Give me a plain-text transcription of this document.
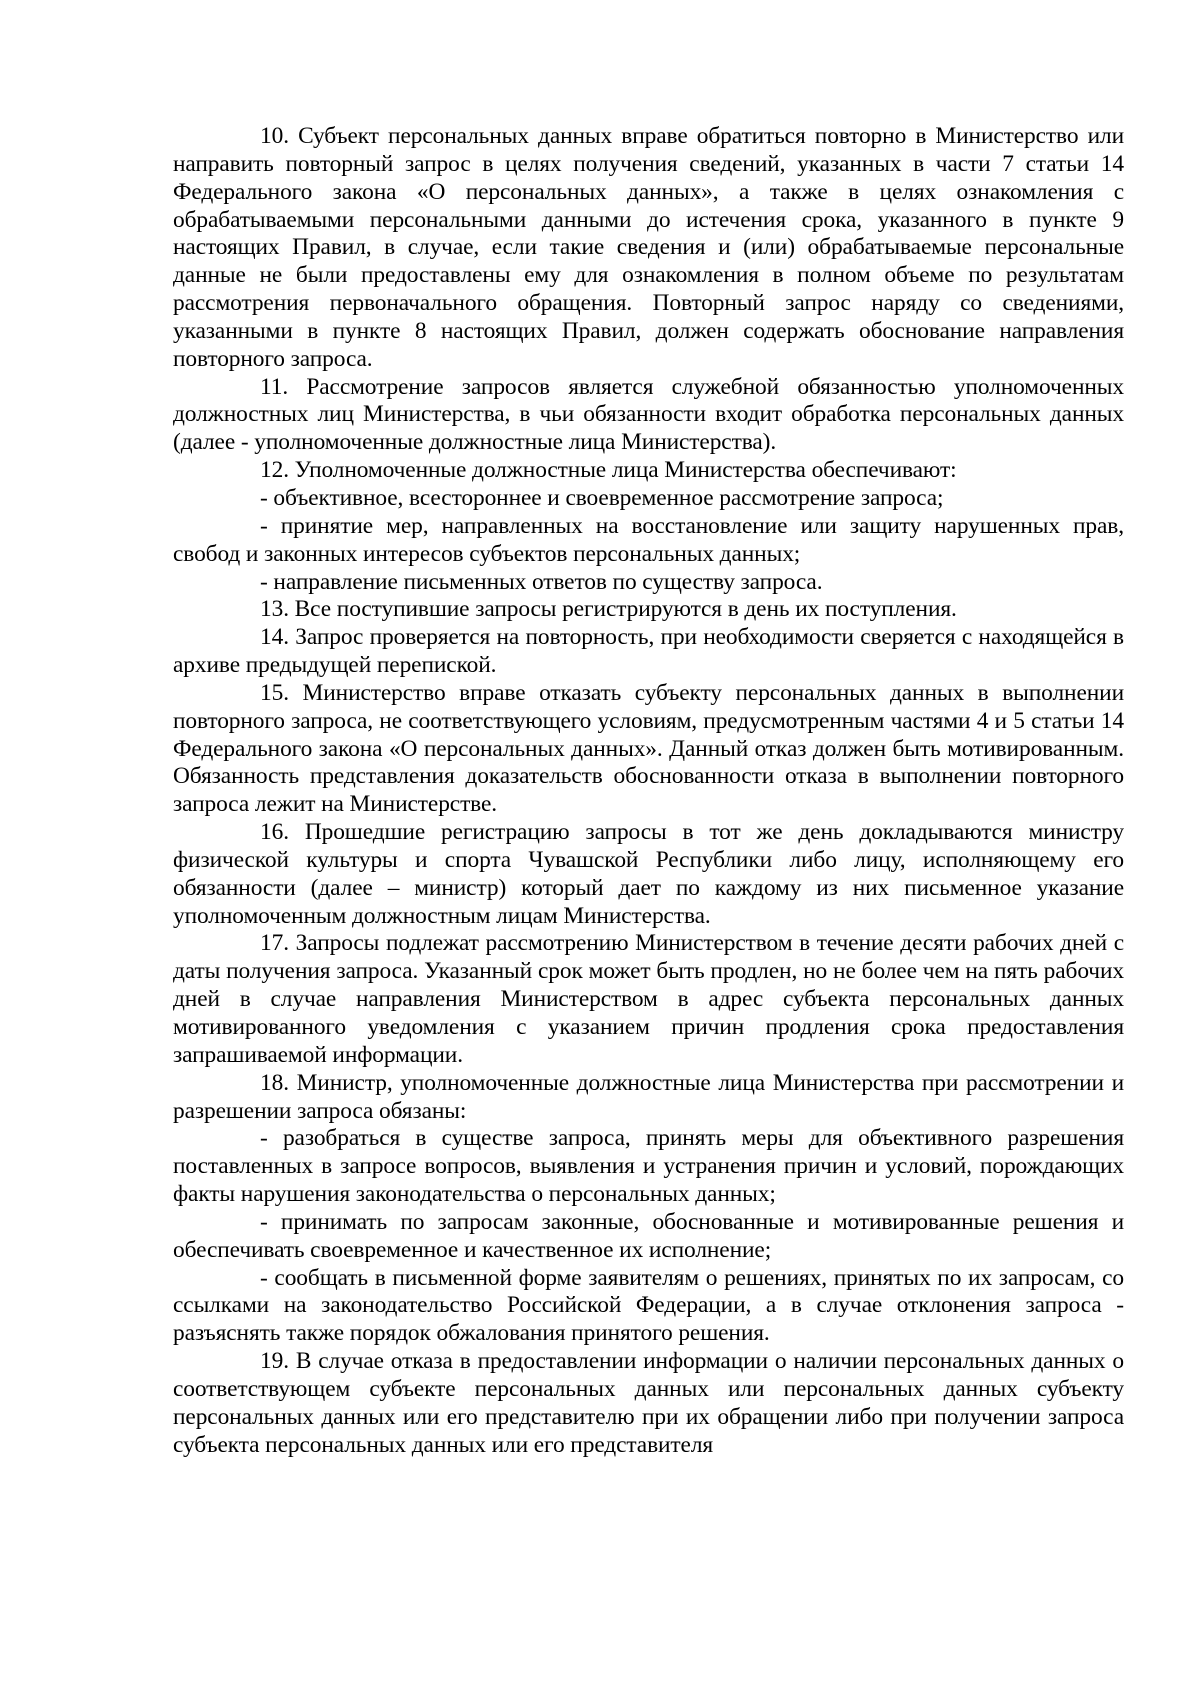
10. Субъект персональных данных вправе обратиться повторно в Министерство или направить повторный запрос в целях получения сведений, указанных в части 7 статьи 14 Федерального закона «О персональных данных», а также в целях ознакомления с обрабатываемыми персональными данными до истечения срока, указанного в пункте 9 настоящих Правил, в случае, если такие сведения и (или) обрабатываемые персональные данные не были предоставлены ему для ознакомления в полном объеме по результатам рассмотрения первоначального обращения. Повторный запрос наряду со сведениями, указанными в пункте 8 настоящих Правил, должен содержать обоснование направления повторного запроса.

11. Рассмотрение запросов является служебной обязанностью уполномоченных должностных лиц Министерства, в чьи обязанности входит обработка персональных данных (далее - уполномоченные должностные лица Министерства).

12. Уполномоченные должностные лица Министерства обеспечивают:

- объективное, всестороннее и своевременное рассмотрение запроса;

- принятие мер, направленных на восстановление или защиту нарушенных прав, свобод и законных интересов субъектов персональных данных;

- направление письменных ответов по существу запроса.

13. Все поступившие запросы регистрируются в день их поступления.

14. Запрос проверяется на повторность, при необходимости сверяется с находящейся в архиве предыдущей перепиской.

15. Министерство вправе отказать субъекту персональных данных в выполнении повторного запроса, не соответствующего условиям, предусмотренным частями 4 и 5 статьи 14 Федерального закона «О персональных данных». Данный отказ должен быть мотивированным. Обязанность представления доказательств обоснованности отказа в выполнении повторного запроса лежит на Министерстве.

16. Прошедшие регистрацию запросы в тот же день докладываются министру физической культуры и спорта Чувашской Республики либо лицу, исполняющему его обязанности (далее – министр) который дает по каждому из них письменное указание уполномоченным должностным лицам Министерства.

17. Запросы подлежат рассмотрению Министерством в течение десяти рабочих дней с даты получения запроса. Указанный срок может быть продлен, но не более чем на пять рабочих дней в случае направления Министерством в адрес субъекта персональных данных мотивированного уведомления с указанием причин продления срока предоставления запрашиваемой информации.

18. Министр, уполномоченные должностные лица Министерства при рассмотрении и разрешении запроса обязаны:

- разобраться в существе запроса, принять меры для объективного разрешения поставленных в запросе вопросов, выявления и устранения причин и условий, порождающих факты нарушения законодательства о персональных данных;

- принимать по запросам законные, обоснованные и мотивированные решения и обеспечивать своевременное и качественное их исполнение;

- сообщать в письменной форме заявителям о решениях, принятых по их запросам, со ссылками на законодательство Российской Федерации, а в случае отклонения запроса - разъяснять также порядок обжалования принятого решения.

19. В случае отказа в предоставлении информации о наличии персональных данных о соответствующем субъекте персональных данных или персональных данных субъекту персональных данных или его представителю при их обращении либо при получении запроса субъекта персональных данных или его представителя
